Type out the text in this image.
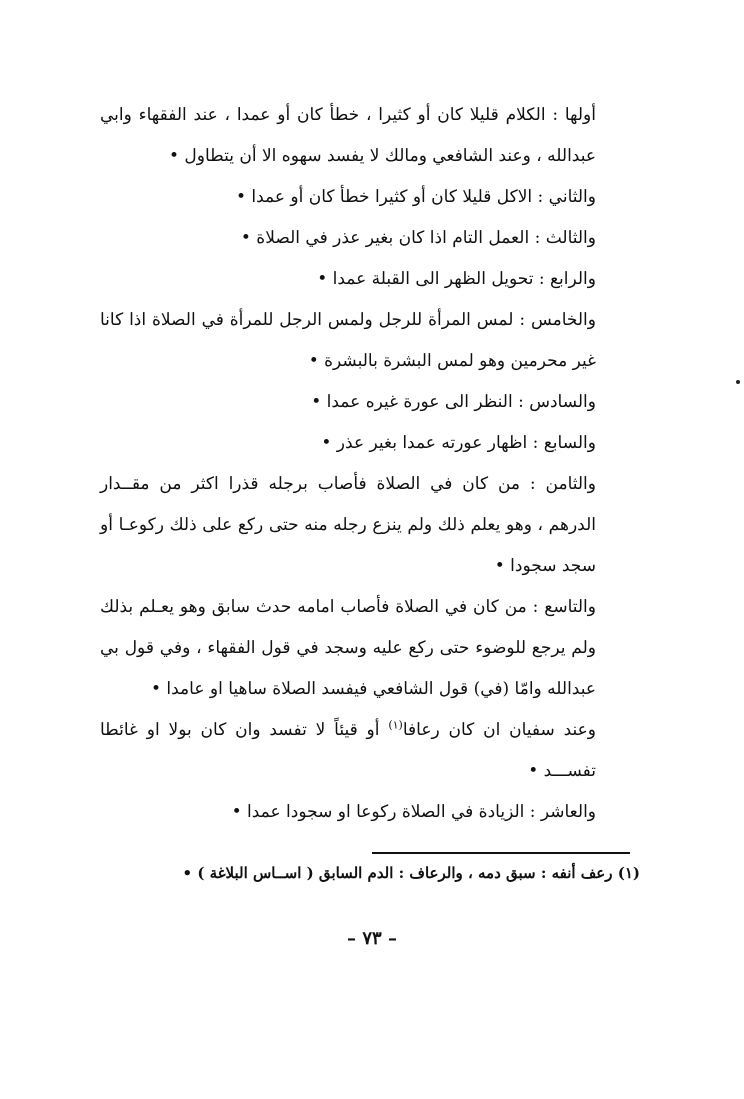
أولها : الكلام قليلا كان أو كثيرا ، خطأ كان أو عمدا ، عند الفقهاء وابي عبدالله ، وعند الشافعي ومالك لا يفسد سهوه الا أن يتطاول •

والثاني : الاكل قليلا كان أو كثيرا خطأ كان أو عمدا •

والثالث : العمل التام اذا كان بغير عذر في الصلاة •

والرابع : تحويل الظهر الى القبلة عمدا •

والخامس : لمس المرأة للرجل ولمس الرجل للمرأة في الصلاة اذا كانا غير محرمين وهو لمس البشرة بالبشرة •

والسادس : النظر الى عورة غيره عمدا •

والسابع : اظهار عورته عمدا بغير عذر •

والثامن : من كان في الصلاة فأصاب برجله قذرا اكثر من مقــدار الدرهم ، وهو يعلم ذلك ولم ينزع رجله منه حتى ركع على ذلك ركوعـا أو سجد سجودا •

والتاسع : من كان في الصلاة فأصاب امامه حدث سابق وهو يعـلم بذلك ولم يرجع للوضوء حتى ركع عليه وسجد في قول الفقهاء ، وفي قول بي عبدالله وامّا (في) قول الشافعي فيفسد الصلاة ساهيا او عامدا •

وعند سفيان ان كان رعافا$^{(١)}$ أو قيئاً لا تفسد وان كان بولا او غائطا تفســـد •

والعاشر : الزيادة في الصلاة ركوعا او سجودا عمدا •

(١) رعف أنفه : سبق دمه ، والرعاف : الدم السابق ( اســاس البلاغة ) •
– ٧٣ –
